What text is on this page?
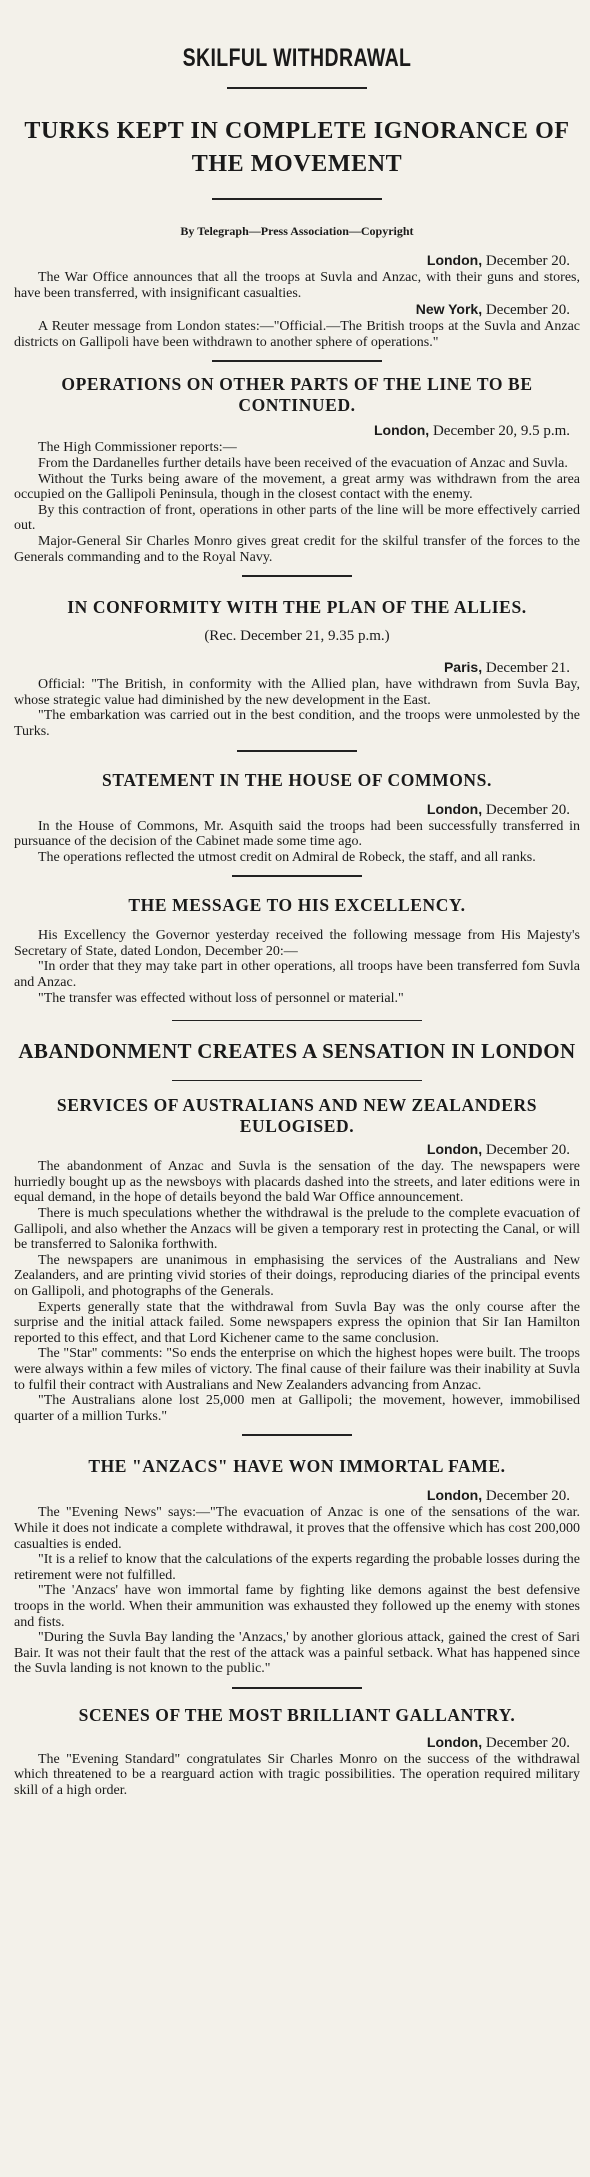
SKILFUL WITHDRAWAL
TURKS KEPT IN COMPLETE IGNORANCE OF THE MOVEMENT
By Telegraph—Press Association—Copyright
London, December 20.

The War Office announces that all the troops at Suvla and Anzac, with their guns and stores, have been transferred, with insignificant casualties.

New York, December 20.

A Reuter message from London states:—"Official.—The British troops at the Suvla and Anzac districts on Gallipoli have been withdrawn to another sphere of operations."

OPERATIONS ON OTHER PARTS OF THE LINE TO BE CONTINUED.
London, December 20, 9.5 p.m.

The High Commissioner reports:—

From the Dardanelles further details have been received of the evacuation of Anzac and Suvla.

Without the Turks being aware of the movement, a great army was withdrawn from the area occupied on the Gallipoli Peninsula, though in the closest contact with the enemy.

By this contraction of front, operations in other parts of the line will be more effectively carried out.

Major-General Sir Charles Monro gives great credit for the skilful transfer of the forces to the Generals commanding and to the Royal Navy.

IN CONFORMITY WITH THE PLAN OF THE ALLIES.
(Rec. December 21, 9.35 p.m.)
Paris, December 21.

Official: "The British, in conformity with the Allied plan, have withdrawn from Suvla Bay, whose strategic value had diminished by the new development in the East.

"The embarkation was carried out in the best condition, and the troops were unmolested by the Turks.

STATEMENT IN THE HOUSE OF COMMONS.
London, December 20.

In the House of Commons, Mr. Asquith said the troops had been successfully transferred in pursuance of the decision of the Cabinet made some time ago.

The operations reflected the utmost credit on Admiral de Robeck, the staff, and all ranks.

THE MESSAGE TO HIS EXCELLENCY.

His Excellency the Governor yesterday received the following message from His Majesty's Secretary of State, dated London, December 20:—

"In order that they may take part in other operations, all troops have been transferred fom Suvla and Anzac.

"The transfer was effected without loss of personnel or material."

ABANDONMENT CREATES A SENSATION IN LONDON
SERVICES OF AUSTRALIANS AND NEW ZEALANDERS EULOGISED.
London, December 20.

The abandonment of Anzac and Suvla is the sensation of the day. The newspapers were hurriedly bought up as the newsboys with placards dashed into the streets, and later editions were in equal demand, in the hope of details beyond the bald War Office announcement.

There is much speculations whether the withdrawal is the prelude to the complete evacuation of Gallipoli, and also whether the Anzacs will be given a temporary rest in protecting the Canal, or will be transferred to Salonika forthwith.

The newspapers are unanimous in emphasising the services of the Australians and New Zealanders, and are printing vivid stories of their doings, reproducing diaries of the principal events on Gallipoli, and photographs of the Generals.

Experts generally state that the withdrawal from Suvla Bay was the only course after the surprise and the initial attack failed. Some newspapers express the opinion that Sir Ian Hamilton reported to this effect, and that Lord Kichener came to the same conclusion.

The "Star" comments: "So ends the enterprise on which the highest hopes were built. The troops were always within a few miles of victory. The final cause of their failure was their inability at Suvla to fulfil their contract with Australians and New Zealanders advancing from Anzac.

"The Australians alone lost 25,000 men at Gallipoli; the movement, however, immobilised quarter of a million Turks."

THE "ANZACS" HAVE WON IMMORTAL FAME.
London, December 20.

The "Evening News" says:—"The evacuation of Anzac is one of the sensations of the war. While it does not indicate a complete withdrawal, it proves that the offensive which has cost 200,000 casualties is ended.

"It is a relief to know that the calculations of the experts regarding the probable losses during the retirement were not fulfilled.

"The 'Anzacs' have won immortal fame by fighting like demons against the best defensive troops in the world. When their ammunition was exhausted they followed up the enemy with stones and fists.

"During the Suvla Bay landing the 'Anzacs,' by another glorious attack, gained the crest of Sari Bair. It was not their fault that the rest of the attack was a painful setback. What has happened since the Suvla landing is not known to the public."

SCENES OF THE MOST BRILLIANT GALLANTRY.
London, December 20.

The "Evening Standard" congratulates Sir Charles Monro on the success of the withdrawal which threatened to be a rearguard action with tragic possibilities. The operation required military skill of a high order.
